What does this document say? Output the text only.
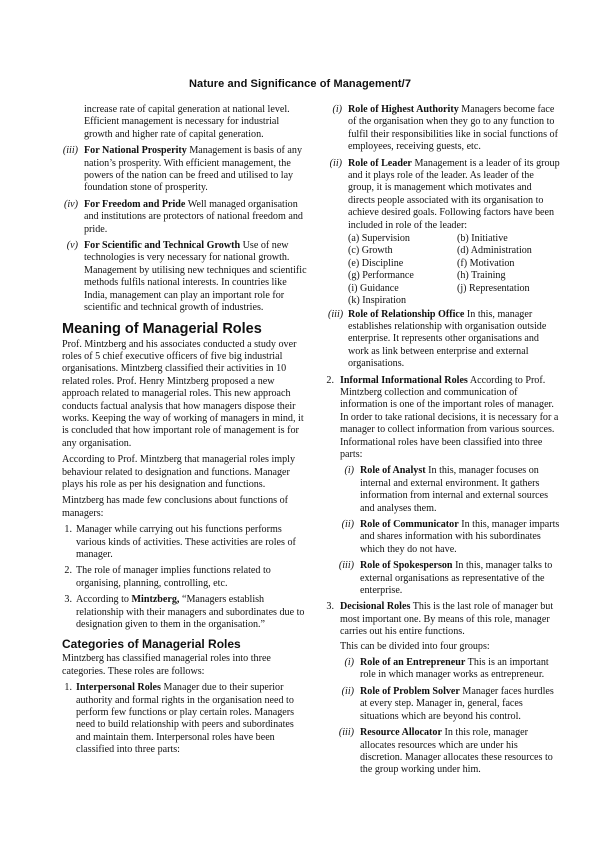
Nature and Significance of Management/7

increase rate of capital generation at national level. Efficient management is necessary for industrial growth and higher rate of capital generation.

(iii) For National Prosperity Management is basis of any nation’s prosperity. With efficient management, the powers of the nation can be freed and utilised to lay foundation stone of prosperity.
(iv) For Freedom and Pride Well managed organisation and institutions are protectors of national freedom and pride.
(v) For Scientific and Technical Growth Use of new technologies is very necessary for national growth. Management by utilising new techniques and scientific methods fulfils national interests. In countries like India, management can play an important role for scientific and technical growth of industries.
Meaning of Managerial Roles

Prof. Mintzberg and his associates conducted a study over roles of 5 chief executive officers of five big industrial organisations. Mintzberg classified their activities in 10 related roles. Prof. Henry Mintzberg proposed a new approach related to managerial roles. This new approach conducts factual analysis that how managers dispose their works. Keeping the way of working of managers in mind, it is concluded that how important role of management is for any organisation.

According to Prof. Mintzberg that managerial roles imply behaviour related to designation and functions. Manager plays his role as per his designation and functions.

Mintzberg has made few conclusions about functions of managers:

1. Manager while carrying out his functions performs various kinds of activities. These activities are roles of manager.
2. The role of manager implies functions related to organising, planning, controlling, etc.
3. According to Mintzberg, “Managers establish relationship with their managers and subordinates due to designation given to them in the organisation.”
Categories of Managerial Roles

Mintzberg has classified managerial roles into three categories. These roles are follows:

1. Interpersonal Roles Manager due to their superior authority and formal rights in the organisation need to perform few functions or play certain roles. Managers need to build relationship with peers and subordinates and maintain them. Interpersonal roles have been classified into three parts:
(i) Role of Highest Authority Managers become face of the organisation when they go to any function to fulfil their responsibilities like in social functions of employees, receiving guests, etc.
(ii) Role of Leader Management is a leader of its group and it plays role of the leader. As leader of the group, it is management which motivates and directs people associated with its organisation to achieve desired goals. Following factors have been included in role of the leader:
(a) Supervision	(b) Initiative
(c) Growth	(d) Administration
(e) Discipline	(f) Motivation
(g) Performance	(h) Training
(i) Guidance	(j) Representation
(k) Inspiration
(iii) Role of Relationship Office In this, manager establishes relationship with organisation outside enterprise. It represents other organisations and work as link between enterprise and external organisations.
2. Informal Informational Roles According to Prof. Mintzberg collection and communication of information is one of the important roles of manager. In order to take rational decisions, it is necessary for a manager to collect information from various sources. Informational roles have been classified into three parts:
(i) Role of Analyst In this, manager focuses on internal and external environment. It gathers information from internal and external sources and analyses them.
(ii) Role of Communicator In this, manager imparts and shares information with his subordinates which they do not have.
(iii) Role of Spokesperson In this, manager talks to external organisations as representative of the enterprise.
3. Decisional Roles This is the last role of manager but most important one. By means of this role, manager carries out his entire functions.

This can be divided into four groups:

(i) Role of an Entrepreneur This is an important role in which manager works as entrepreneur.
(ii) Role of Problem Solver Manager faces hurdles at every step. Manager in, general, faces situations which are beyond his control.
(iii) Resource Allocator In this role, manager allocates resources which are under his discretion. Manager allocates these resources to the group working under him.
